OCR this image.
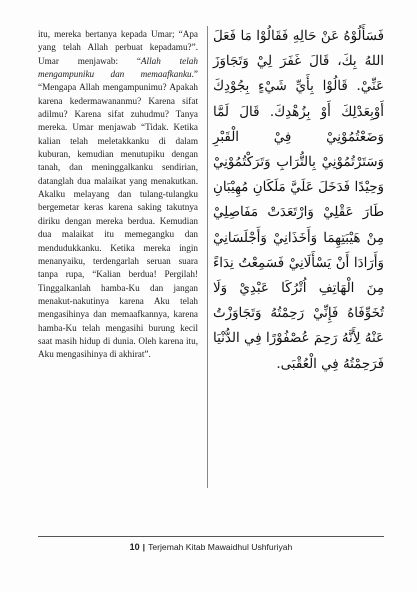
itu, mereka bertanya kepada Umar; “Apa yang telah Allah perbuat kepadamu?”. Umar menjawab: “Allah telah mengampuniku dan memaafkanku.” “Mengapa Allah mengampunimu? Apakah karena kedermawananmu? Karena sifat adilmu? Karena sifat zuhudmu? Tanya mereka. Umar menjawab “Tidak. Ketika kalian telah meletakkanku di dalam kuburan, kemudian menutupiku dengan tanah, dan meninggalkanku sendirian, datanglah dua malaikat yang menakutkan. Akalku melayang dan tulang-tulangku bergemetar keras karena saking takutnya diriku dengan mereka berdua. Kemudian dua malaikat itu memegangku dan mendudukkanku. Ketika mereka ingin menanyaiku, terdengarlah seruan suara tanpa rupa, “Kalian berdua! Pergilah! Tinggalkanlah hamba-Ku dan jangan menakut-nakutinya karena Aku telah mengasihinya dan memaafkannya, karena hamba-Ku telah mengasihi burung kecil saat masih hidup di dunia. Oleh karena itu, Aku mengasihinya di akhirat”.

فَسَأَلُوْهُ عَنْ حَالِهِ فَقَالُوْا مَا فَعَلَ اللهُ بِكَ، قَالَ غَفَرَ لِيْ وَتَجَاوَزَ عَنِّيْ. قَالُوْا بِأَيِّ شَيْءٍ بِجُوْدِكَ أَوْبِعَدْلِكَ أَوْ بِزُهْدِكَ. قَالَ لَمَّا وَضَعْتُمُوْنِيْ فِيْ الْقَبْرِ وَسَتَرْتُمُوْنِيْ بِالتُّرَابِ وَتَرَكْتُمُوْنِيْ وَحِيْدًا فَدَخَلَ عَلَيَّ مَلَكَانِ مُهِيْبَانِ طَارَ عَقْلِيْ وَارْتَعَدَتْ مَفَاصِلِيْ مِنْ هَيْبَتِهِمَا وَأَخَذَانِيْ وَأَجْلَسَانِيْ وَأَرَادَا أَنْ يَسْأَلَانِيْ فَسَمِعْتُ نِدَاءً مِنَ الْهَاتِفِ اُتْرُكَا عَبْدِيْ وَلَا تُخَوِّفَاهُ فَإِنِّيْ رَحِمْتُهُ وَتَجَاوَزْتُ عَنْهُ لِأَنَّهُ رَحِمَ عُصْفُوْرًا فِي الدُّنْيَا فَرَحِمْتُهُ فِي الْعُقْبَى.

10 | Terjemah Kitab Mawaidhul Ushfuriyah
